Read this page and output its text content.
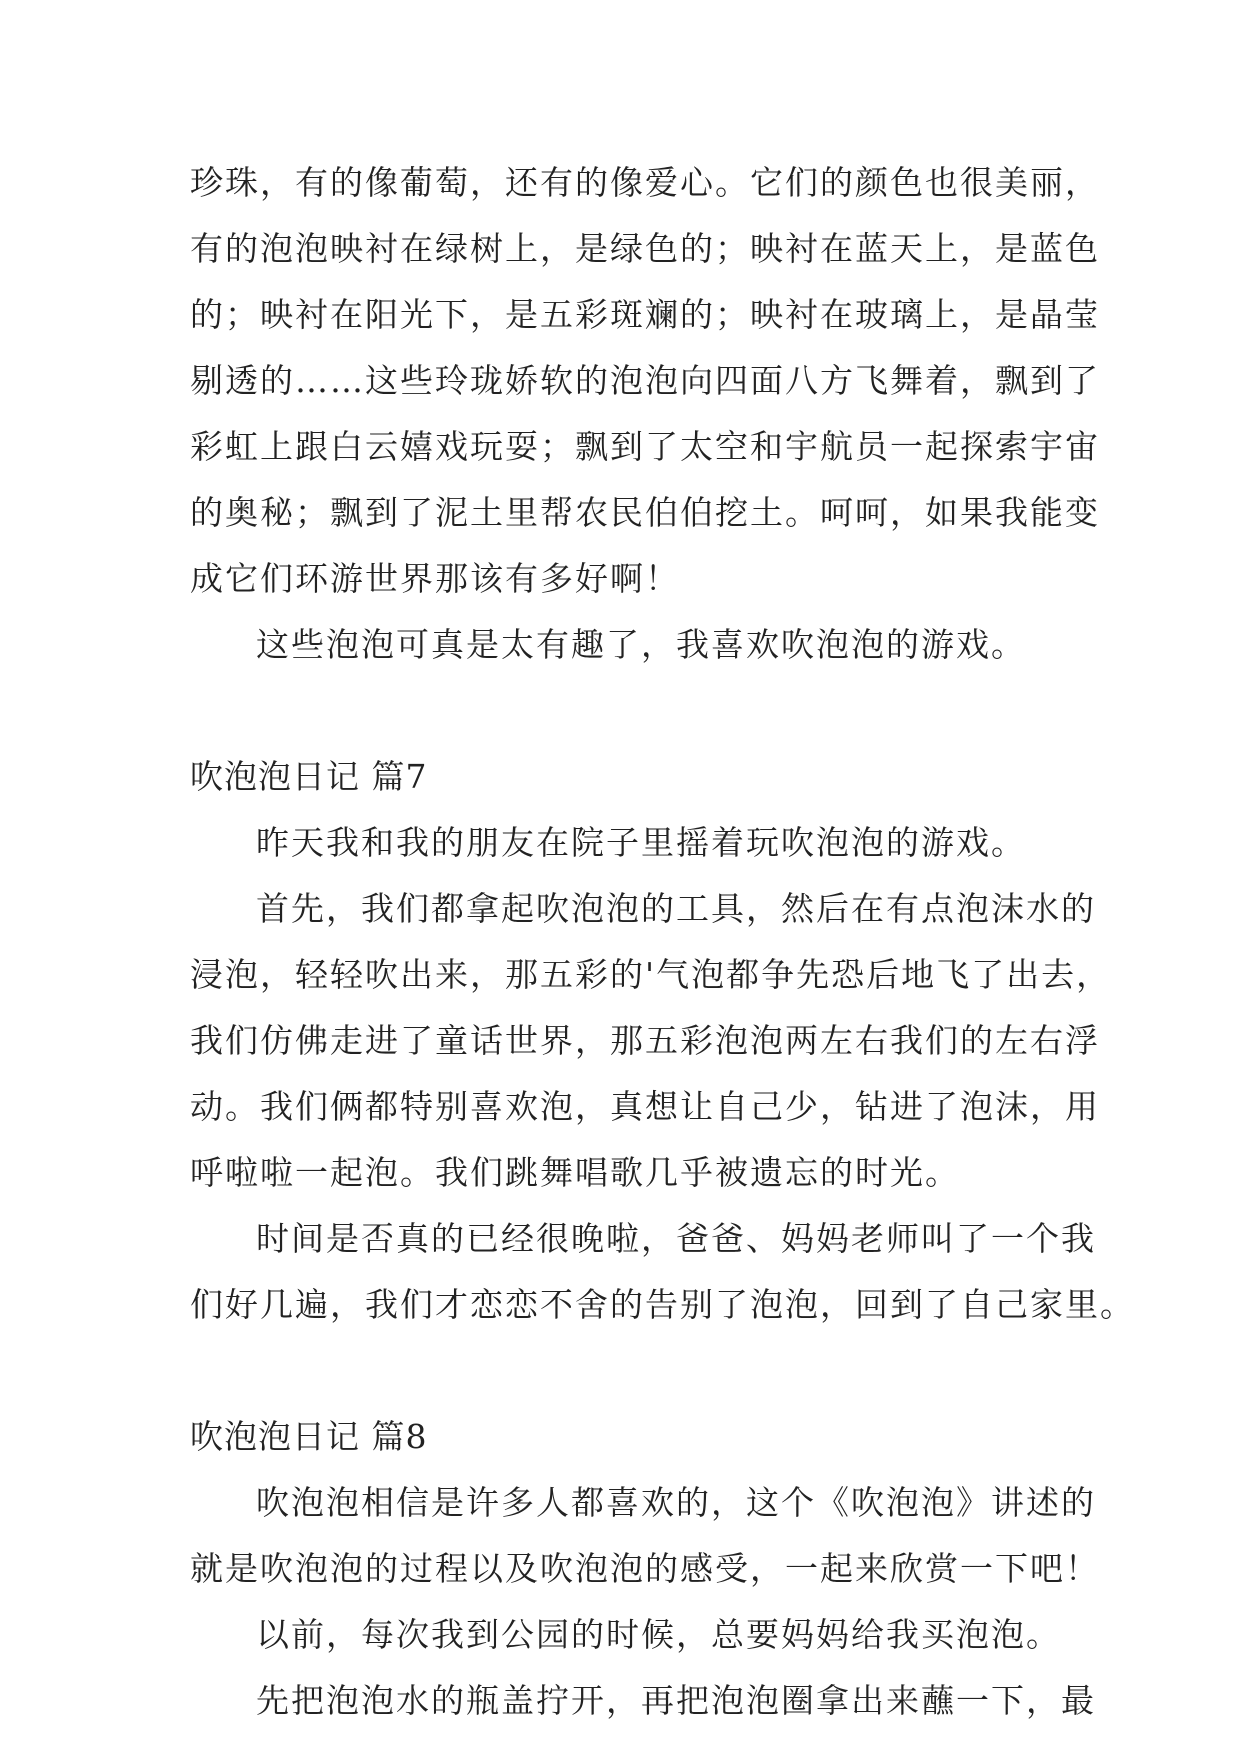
珍珠，有的像葡萄，还有的像爱心。它们的颜色也很美丽，
有的泡泡映衬在绿树上，是绿色的；映衬在蓝天上，是蓝色
的；映衬在阳光下，是五彩斑斓的；映衬在玻璃上，是晶莹
剔透的……这些玲珑娇软的泡泡向四面八方飞舞着，飘到了
彩虹上跟白云嬉戏玩耍；飘到了太空和宇航员一起探索宇宙
的奥秘；飘到了泥土里帮农民伯伯挖土。呵呵，如果我能变
成它们环游世界那该有多好啊！
这些泡泡可真是太有趣了，我喜欢吹泡泡的游戏。
吹泡泡日记 篇7
昨天我和我的朋友在院子里摇着玩吹泡泡的游戏。
首先，我们都拿起吹泡泡的工具，然后在有点泡沫水的
浸泡，轻轻吹出来，那五彩的'气泡都争先恐后地飞了出去，
我们仿佛走进了童话世界，那五彩泡泡两左右我们的左右浮
动。我们俩都特别喜欢泡，真想让自己少，钻进了泡沫，用
呼啦啦一起泡。我们跳舞唱歌几乎被遗忘的时光。
时间是否真的已经很晚啦，爸爸、妈妈老师叫了一个我
们好几遍，我们才恋恋不舍的告别了泡泡，回到了自己家里。
吹泡泡日记 篇8
吹泡泡相信是许多人都喜欢的，这个《吹泡泡》讲述的
就是吹泡泡的过程以及吹泡泡的感受，一起来欣赏一下吧！
以前，每次我到公园的时候，总要妈妈给我买泡泡。
先把泡泡水的瓶盖拧开，再把泡泡圈拿出来蘸一下，最
